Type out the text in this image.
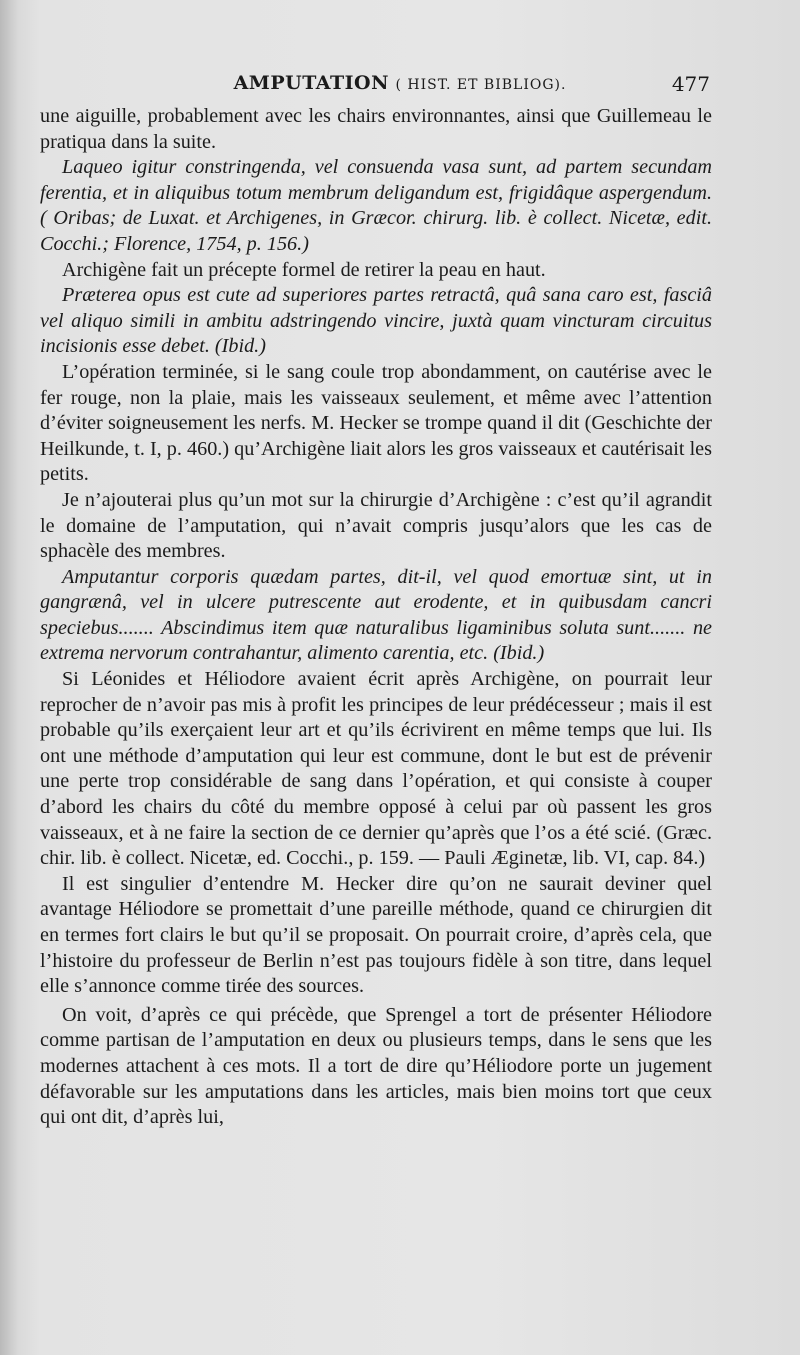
AMPUTATION ( HIST. ET BIBLIOG).	477

une aiguille, probablement avec les chairs environnantes, ainsi que Guillemeau le pratiqua dans la suite.

Laqueo igitur constringenda, vel consuenda vasa sunt, ad partem secundam ferentia, et in aliquibus totum membrum deligandum est, frigidâque aspergendum. ( Oribas; de Luxat. et Archigenes, in Græcor. chirurg. lib. è collect. Nicetæ, edit. Cocchi.; Florence, 1754, p. 156.)

Archigène fait un précepte formel de retirer la peau en haut.

Præterea opus est cute ad superiores partes retractâ, quâ sana caro est, fasciâ vel aliquo simili in ambitu adstringendo vincire, juxtà quam vincturam circuitus incisionis esse debet. (Ibid.)

L’opération terminée, si le sang coule trop abondamment, on cautérise avec le fer rouge, non la plaie, mais les vaisseaux seulement, et même avec l’attention d’éviter soigneusement les nerfs. M. Hecker se trompe quand il dit (Geschichte der Heilkunde, t. I, p. 460.) qu’Archigène liait alors les gros vaisseaux et cautérisait les petits.

Je n’ajouterai plus qu’un mot sur la chirurgie d’Archigène : c’est qu’il agrandit le domaine de l’amputation, qui n’avait compris jusqu’alors que les cas de sphacèle des membres.

Amputantur corporis quædam partes, dit-il, vel quod emortuæ sint, ut in gangrænâ, vel in ulcere putrescente aut erodente, et in quibusdam cancri speciebus....... Abscindimus item quæ naturalibus ligaminibus soluta sunt....... ne extrema nervorum contrahantur, alimento carentia, etc. (Ibid.)

Si Léonides et Héliodore avaient écrit après Archigène, on pourrait leur reprocher de n’avoir pas mis à profit les principes de leur prédécesseur ; mais il est probable qu’ils exerçaient leur art et qu’ils écrivirent en même temps que lui. Ils ont une méthode d’amputation qui leur est commune, dont le but est de prévenir une perte trop considérable de sang dans l’opération, et qui consiste à couper d’abord les chairs du côté du membre opposé à celui par où passent les gros vaisseaux, et à ne faire la section de ce dernier qu’après que l’os a été scié. (Græc. chir. lib. è collect. Nicetæ, ed. Cocchi., p. 159. — Pauli Æginetæ, lib. VI, cap. 84.)

Il est singulier d’entendre M. Hecker dire qu’on ne saurait deviner quel avantage Héliodore se promettait d’une pareille méthode, quand ce chirurgien dit en termes fort clairs le but qu’il se proposait. On pourrait croire, d’après cela, que l’histoire du professeur de Berlin n’est pas toujours fidèle à son titre, dans lequel elle s’annonce comme tirée des sources.

On voit, d’après ce qui précède, que Sprengel a tort de présenter Héliodore comme partisan de l’amputation en deux ou plusieurs temps, dans le sens que les modernes attachent à ces mots. Il a tort de dire qu’Héliodore porte un jugement défavorable sur les amputations dans les articles, mais bien moins tort que ceux qui ont dit, d’après lui,
